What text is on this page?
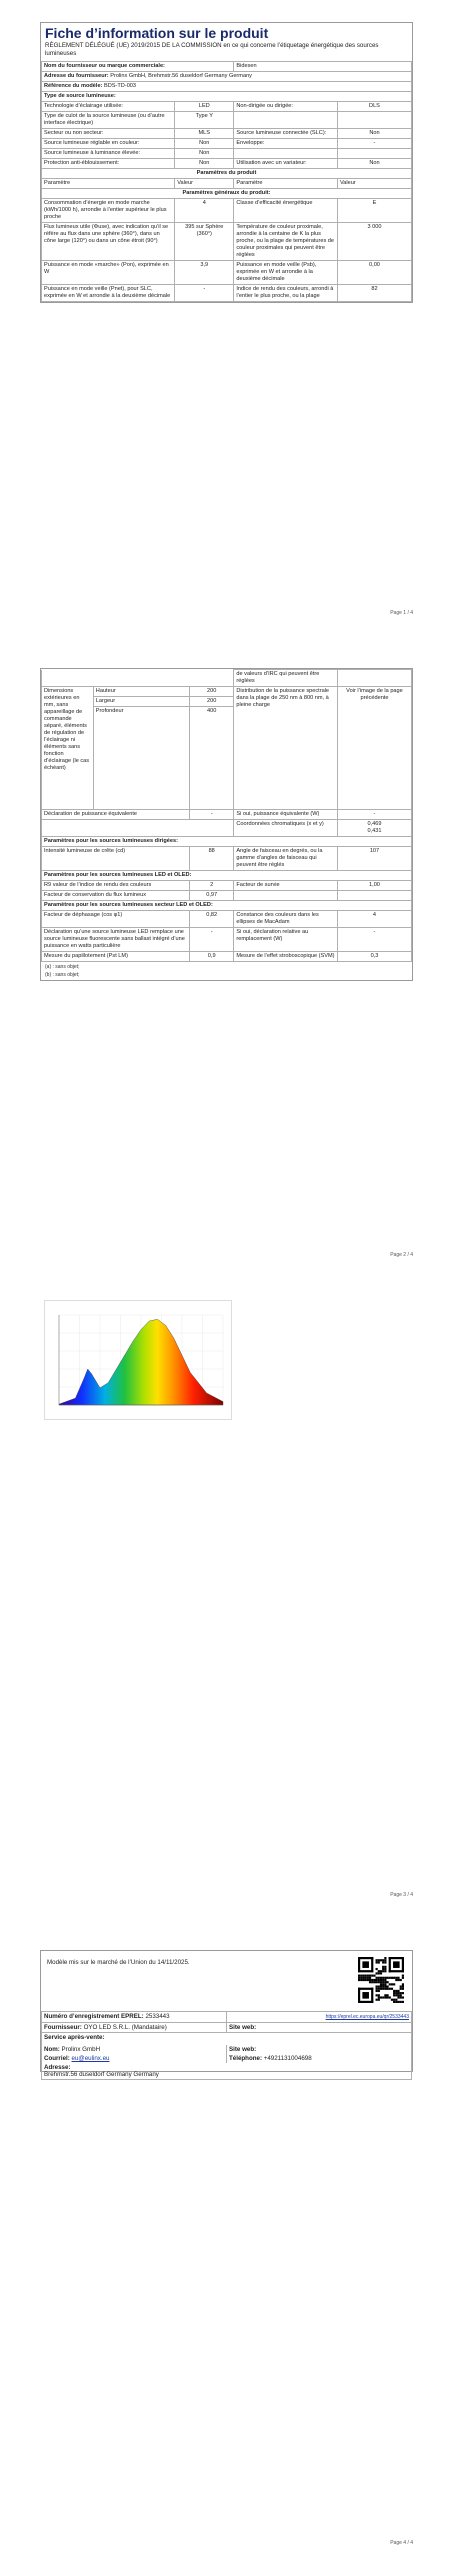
Fiche d’information sur le produit
RÈGLEMENT DÉLÉGUÉ (UE) 2019/2015 DE LA COMMISSION en ce qui concerne l’étiquetage énergétique des sources lumineuses
Nom du fournisseur ou marque commerciale:		Bidesen	
Adresse du fournisseur: Prolinx GmbH, Brehmstr.56 duseldorf Germany Germany			
Référence du modèle: BDS-TD-003			
Type de source lumineuse:			
Technologie d’éclairage utilisée:	LED	Non-dirigée ou dirigée:	DLS
Type de culot de la source lumineuse (ou d’autre interface électrique)	Type Y		
Secteur ou non secteur:	MLS	Source lumineuse connectée (SLC):	Non
Source lumineuse réglable en couleur:	Non	Enveloppe:	-
Source lumineuse à luminance élevée:	Non		
Protection anti-éblouissement:	Non	Utilisation avec un variateur:	Non
Paramètres du produit			
Paramètre	Valeur	Paramètre	Valeur
Paramètres généraux du produit:			
Consommation d’énergie en mode marche (kWh/1000 h), arrondie à l’entier supérieur le plus proche	4	Classe d’efficacité énergétique	E
Flux lumineux utile (Φuse), avec indication qu’il se réfère au flux dans une sphère (360°), dans un cône large (120°) ou dans un cône étroit (90°)	395 sur Sphère (360°)	Température de couleur proximale, arrondie à la centaine de K la plus proche, ou la plage de températures de couleur proximales qui peuvent être réglées	3 000
Puissance en mode «marche» (Pon), exprimée en W	3,9	Puissance en mode veille (Psb), exprimée en W et arrondie à la deuxième décimale	0,00
Puissance en mode veille (Pnet), pour SLC, exprimée en W et arrondie à la deuxième décimale	-	Indice de rendu des couleurs, arrondi à l’entier le plus proche, ou la plage	82
Page 1 / 4
			de valeurs d’IRC qui peuvent être réglées	
Dimensions extérieures en mm, sans appareillage de commande séparé, éléments de régulation de l’éclairage ni éléments sans fonction d’éclairage (le cas échéant)	Hauteur	200	Distribution de la puissance spectrale dans la plage de 250 nm à 800 nm, à pleine charge	Voir l’image de la page précédente
	Largeur	200		
	Profondeur	400		
Déclaration de puissance équivalente		-	Si oui, puissance équivalente (W)	-
			Coordonnées chromatiques (x et y)	0,469
0,431

Paramètres pour les sources lumineuses dirigées:				
Intensité lumineuse de crête (cd)		88	Angle de faisceau en degrés, ou la gamme d’angles de faisceau qui peuvent être réglés	107
Paramètres pour les sources lumineuses LED et OLED:				
R9 valeur de l’indice de rendu des couleurs		2	Facteur de survie	1,00
Facteur de conservation du flux lumineux		0,97		
Paramètres pour les sources lumineuses secteur LED et OLED:				
Facteur de déphasage (cos φ1)		0,82	Constance des couleurs dans les ellipses de MacAdam	4
Déclaration qu’une source lumineuse LED remplace une source lumineuse fluorescente sans ballast intégré d’une puissance en watts particulière		-	Si oui, déclaration relative au remplacement (W)	-
Mesure du papillotement (Pst LM)		0,9	Mesure de l’effet stroboscopique (SVM)	0,3
(a) : sans objet;
(b) : sans objet;
Page 2 / 4
Page 3 / 4
Modèle mis sur le marché de l’Union du 14/11/2025.
Numéro d’enregistrement EPREL: 2533443	https://eprel.ec.europa.eu/qr/2533443
Fournisseur: OYO LED S.R.L. (Mandataire)	Site web:

Service après-vente:	

Nom: Prolinx GmbH	Site web:
Courriel: eu@eulinx.eu	Téléphone: +4921131004698

Adresse:
Brehmstr.56 duseldorf Germany Germany	
Page 4 / 4
